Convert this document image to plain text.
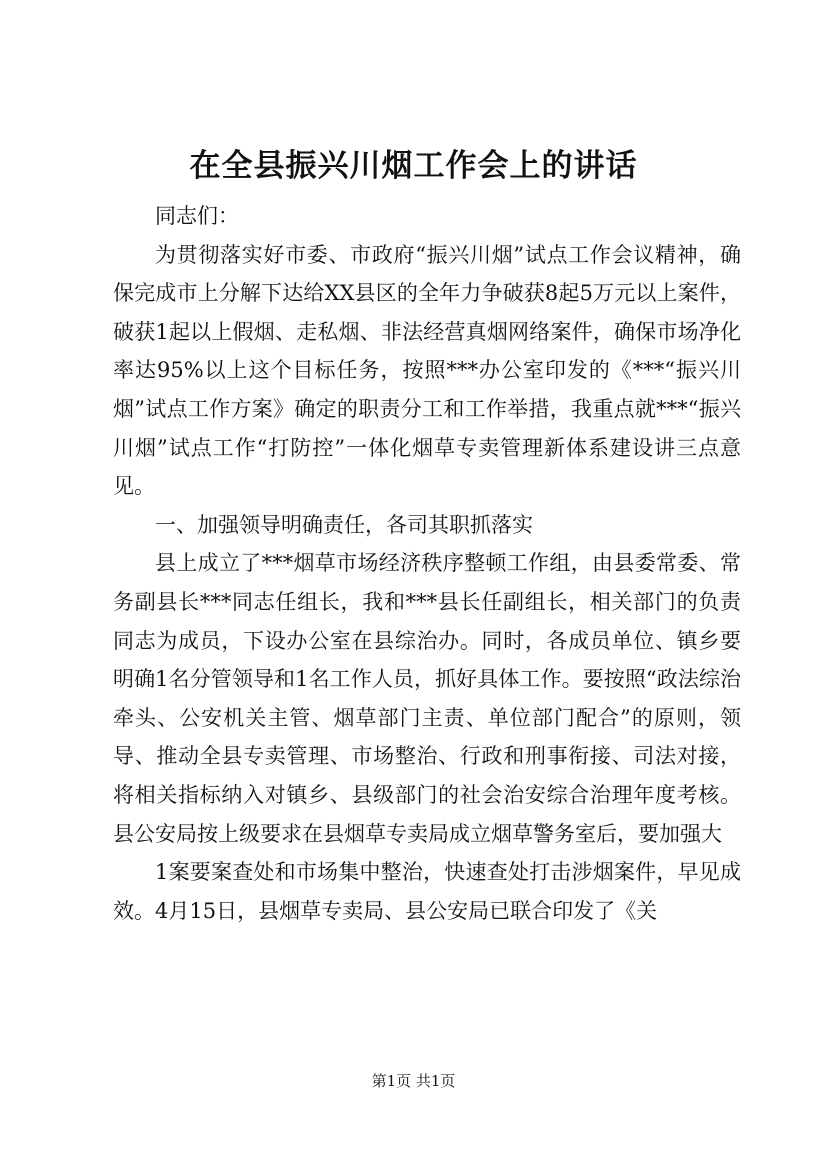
在全县振兴川烟工作会上的讲话

同志们：

为贯彻落实好市委、市政府“振兴川烟”试点工作会议精神，确保完成市上分解下达给XX县区的全年力争破获8起5万元以上案件，破获1起以上假烟、走私烟、非法经营真烟网络案件，确保市场净化率达95%以上这个目标任务，按照***办公室印发的《***“振兴川烟”试点工作方案》确定的职责分工和工作举措，我重点就***“振兴川烟”试点工作“打防控”一体化烟草专卖管理新体系建设讲三点意见。

一、加强领导明确责任，各司其职抓落实

县上成立了***烟草市场经济秩序整顿工作组，由县委常委、常务副县长***同志任组长，我和***县长任副组长，相关部门的负责同志为成员，下设办公室在县综治办。同时，各成员单位、镇乡要明确1名分管领导和1名工作人员，抓好具体工作。要按照“政法综治牵头、公安机关主管、烟草部门主责、单位部门配合”的原则，领导、推动全县专卖管理、市场整治、行政和刑事衔接、司法对接，将相关指标纳入对镇乡、县级部门的社会治安综合治理年度考核。县公安局按上级要求在县烟草专卖局成立烟草警务室后，要加强大

1案要案查处和市场集中整治，快速查处打击涉烟案件，早见成效。4月15日，县烟草专卖局、县公安局已联合印发了《关

第1页 共1页
